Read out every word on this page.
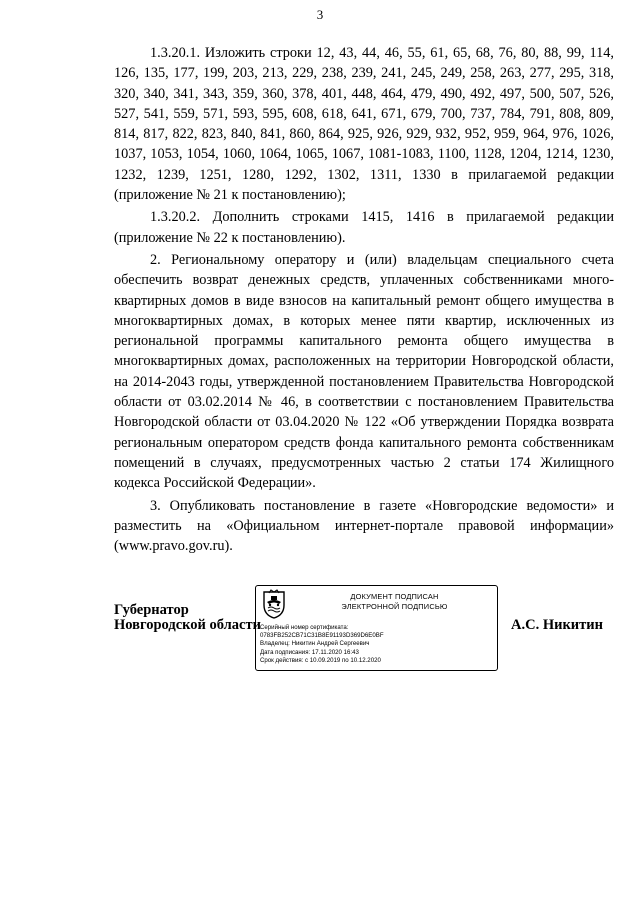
3

1.3.20.1. Изложить строки 12, 43, 44, 46, 55, 61, 65, 68, 76, 80, 88, 99, 114, 126, 135, 177, 199, 203, 213, 229, 238, 239, 241, 245, 249, 258, 263, 277, 295, 318, 320, 340, 341, 343, 359, 360, 378, 401, 448, 464, 479, 490, 492, 497, 500, 507, 526, 527, 541, 559, 571, 593, 595, 608, 618, 641, 671, 679, 700, 737, 784, 791, 808, 809, 814, 817, 822, 823, 840, 841, 860, 864, 925, 926, 929, 932, 952, 959, 964, 976, 1026, 1037, 1053, 1054, 1060, 1064, 1065, 1067, 1081-1083, 1100, 1128, 1204, 1214, 1230, 1232, 1239, 1251, 1280, 1292, 1302, 1311, 1330 в прилагаемой редакции (приложение № 21 к постановлению);

1.3.20.2. Дополнить строками 1415, 1416 в прилагаемой редакции (приложение № 22 к постановлению).

2. Региональному оператору и (или) владельцам специального счета обеспечить возврат денежных средств, уплаченных собственниками много-квартирных домов в виде взносов на капитальный ремонт общего имущества в многоквартирных домах, в которых менее пяти квартир, исключенных из региональной программы капитального ремонта общего имущества в многоквартирных домах, расположенных на территории Новгородской области, на 2014-2043 годы, утвержденной постановлением Правительства Новгородской области от 03.02.2014 № 46, в соответствии с постановлением Правительства Новгородской области от 03.04.2020 № 122 «Об утверждении Порядка возврата региональным оператором средств фонда капитального ремонта собственникам помещений в случаях, предусмотренных частью 2 статьи 174 Жилищного кодекса Российской Федерации».

3. Опубликовать постановление в газете «Новгородские ведомости» и разместить на «Официальном интернет-портале правовой информации» (www.pravo.gov.ru).

Губернатор
Новгородской области
ДОКУМЕНТ ПОДПИСАН
ЭЛЕКТРОННОЙ ПОДПИСЬЮ
Серийный номер сертификата:
0783FB252CB71C31B8E91193D369D6E0BF
Владелец: Никитин Андрей Сергеевич
Дата подписания: 17.11.2020 16:43
Срок действия: с 10.09.2019 по 10.12.2020
А.С. Никитин
